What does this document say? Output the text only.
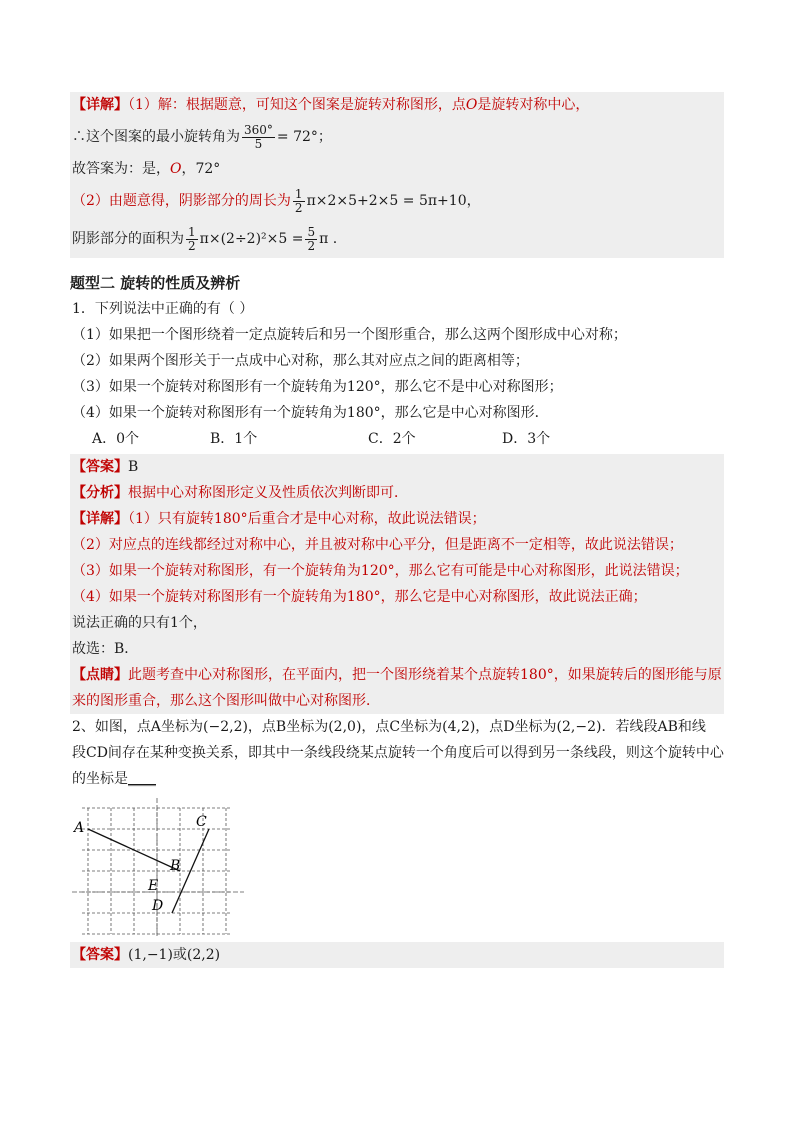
【详解】（1）解：根据题意，可知这个图案是旋转对称图形，点O是旋转对称中心，
∴这个图案的最小旋转角为 $\frac{360^\circ}{5} = 72^\circ$；
故答案为：是，O，72°
（2）由题意得，阴影部分的周长为 $\frac{1}{2} \pi\times 2\times 5+2\times 5 = 5\pi+10$，
阴影部分的面积为 $\frac{1}{2} \pi\times(2\div 2)^2\times 5 = \frac{5}{2}$ π .
题型二 旋转的性质及辨析
1．下列说法中正确的有（ ）
（1）如果把一个图形绕着一定点旋转后和另一个图形重合，那么这两个图形成中心对称；
（2）如果两个图形关于一点成中心对称，那么其对应点之间的距离相等；
（3）如果一个旋转对称图形有一个旋转角为120°，那么它不是中心对称图形；
（4）如果一个旋转对称图形有一个旋转角为180°，那么它是中心对称图形．
A．0个	B．1个	C．2个	D．3个
【答案】B
【分析】根据中心对称图形定义及性质依次判断即可．
【详解】（1）只有旋转180°后重合才是中心对称，故此说法错误；
（2）对应点的连线都经过对称中心，并且被对称中心平分，但是距离不一定相等，故此说法错误；
（3）如果一个旋转对称图形，有一个旋转角为120°，那么它有可能是中心对称图形，此说法错误；
（4）如果一个旋转对称图形有一个旋转角为180°，那么它是中心对称图形，故此说法正确；
说法正确的只有1个，
故选：B．
【点睛】此题考查中心对称图形，在平面内，把一个图形绕着某个点旋转180°，如果旋转后的图形能与原
来的图形重合，那么这个图形叫做中心对称图形．
2、如图，点A坐标为(−2,2)，点B坐标为(2,0)，点C坐标为(4,2)，点D坐标为(2,−2)．若线段AB和线
段CD间存在某种变换关系，即其中一条线段绕某点旋转一个角度后可以得到另一条线段，则这个旋转中心
的坐标是____
A
B
C
D
E
【答案】(1,−1)或(2,2)
